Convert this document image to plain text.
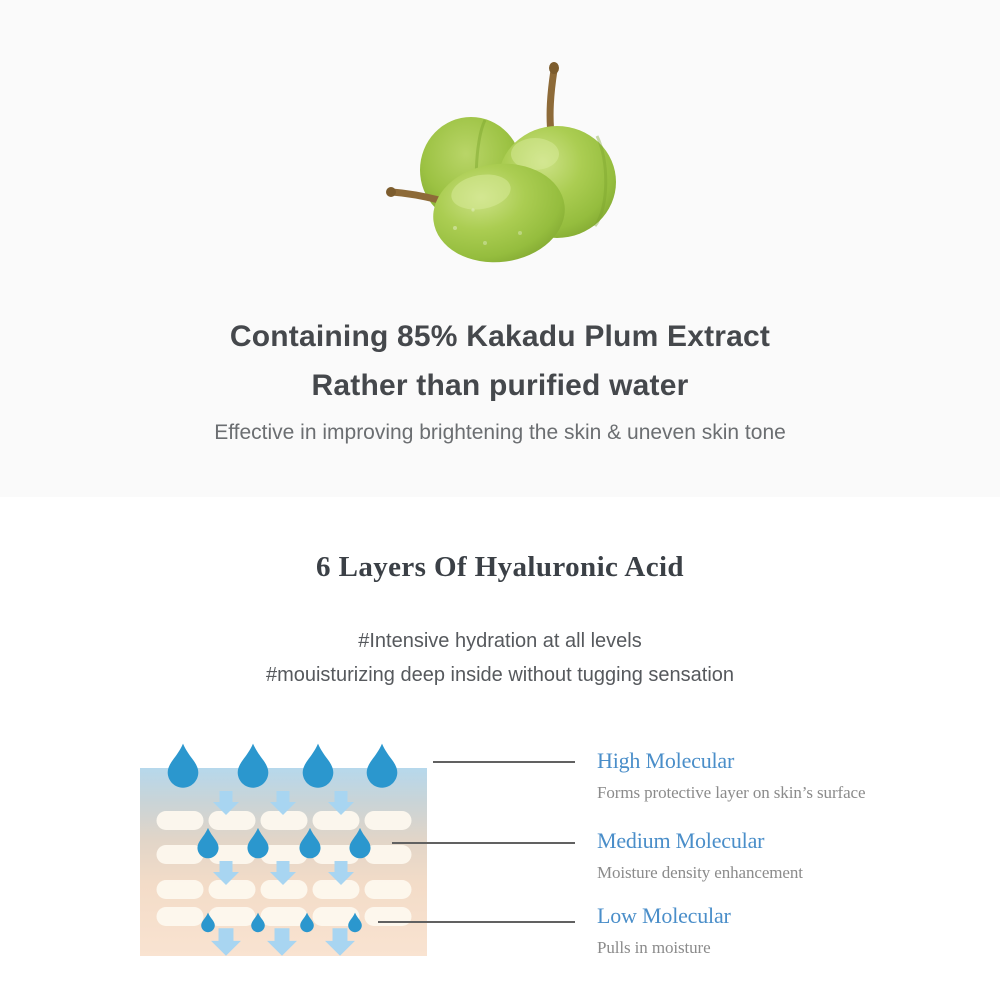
Containing 85% Kakadu Plum Extract
Rather than purified water

Effective in improving brightening the skin & uneven skin tone

6 Layers Of Hyaluronic Acid

#Intensive hydration at all levels
#mouisturizing deep inside without tugging sensation

High Molecular

Forms protective layer on skin’s surface

Medium Molecular

Moisture density enhancement

Low Molecular

Pulls in moisture
